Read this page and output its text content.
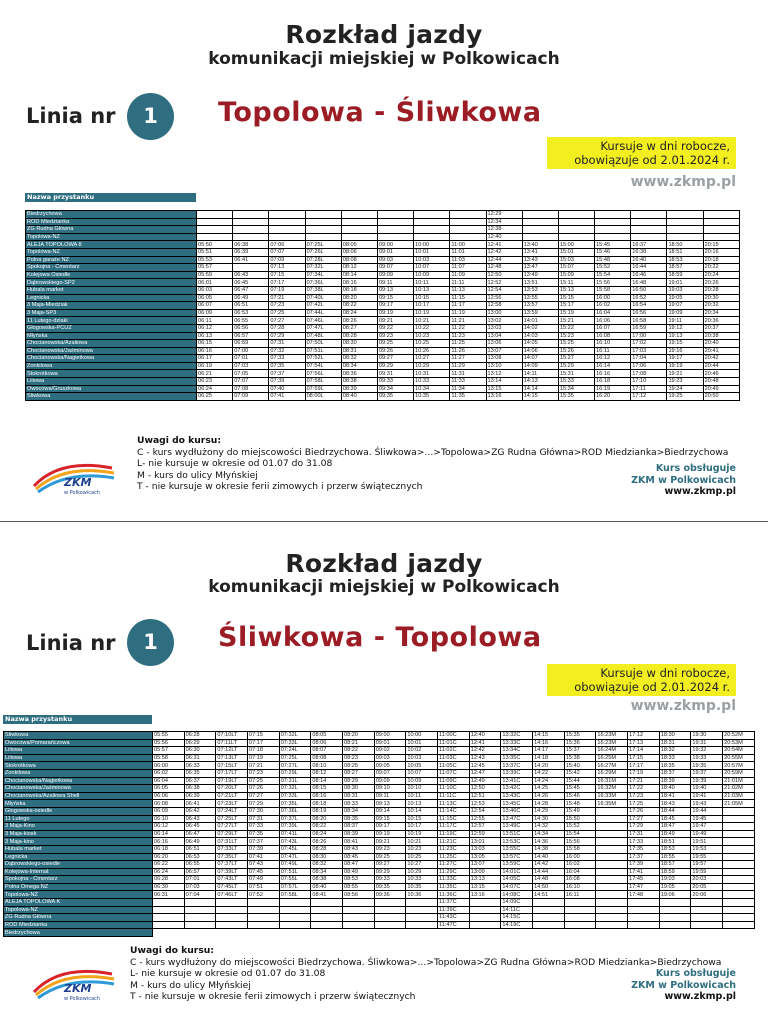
Rozkład jazdy
komunikacji miejskiej w Polkowicach
Linia nr	1	Topolowa - Śliwkowa
Kursuje w dni robocze,
obowiązuje od 2.01.2024 r.
www.zkmp.pl
Nazwa przystanku
Biedrzychowa									12:29						
ROD Miedzianka									12:34						
ZG Rudna Główna									12:38						
Topolowa-NŻ									12:40						
ALEJA TOPOLOWA 8	05:50	06:38	07:06	07:25L	08:05	09:00	10:00	11:00	12:41	13:40	15:00	15:45	16:37	18:50	20:15
Topolowa-NŻ	05:51	06:39	07:07	07:26L	08:06	09:01	10:01	11:01	12:42	13:41	15:01	15:46	16:38	18:51	20:16
Polna garaże NŻ	05:53	06:41	07:09	07:28L	08:08	09:03	10:03	11:03	12:44	13:43	15:03	15:48	16:40	18:53	20:18
Spokojna - Cmentarz	05:57		07:13	07:32L	08:12	09:07	10:07	11:07	12:48	13:47	15:07	15:52	16:44	18:57	20:22
Kolejowa Osiedle	05:59	06:43	07:15	07:34L	08:14	09:09	10:09	11:09	12:50	13:49	15:09	15:54	16:46	18:59	20:24
Dąbrowskiego-SP2	06:01	06:45	07:17	07:36L	08:16	09:11	10:11	11:11	12:52	13:51	15:11	15:56	16:48	19:01	20:26
Hubala market	06:03	06:47	07:19	07:38L	08:18	09:13	10:13	11:13	12:54	13:53	15:13	15:58	16:50	19:03	20:28
Legnicka	06:05	06:49	07:21	07:40L	08:20	09:15	10:15	11:15	12:56	13:55	15:15	16:00	16:52	19:05	20:30
3 Maja-Miedziak	06:07	06:51	07:23	07:42L	08:22	09:17	10:17	11:17	12:58	13:57	15:17	16:02	16:54	19:07	20:32
3 Maja-SP3	06:09	06:53	07:25	07:44L	08:24	09:19	10:19	11:19	13:00	13:59	15:19	16:04	16:56	19:09	20:34
11 Lutego-dziaki	06:11	06:55	07:27	07:46L	08:26	09:21	10:21	11:21	13:02	14:01	15:21	16:06	16:58	19:11	20:36
Głogowska-PCUZ	06:12	06:56	07:28	07:47L	08:27	09:22	10:22	11:22	13:03	14:02	15:22	16:07	16:59	19:12	20:37
Młyńska	06:13	06:57	07:29	07:48L	08:28	09:23	10:23	11:23	13:04	14:03	15:23	16:08	17:00	19:13	20:38
Chocianowska/Azaliowa	06:15	06:59	07:31	07:50L	08:30	09:25	10:25	11:25	13:06	14:05	15:25	16:10	17:02	19:15	20:40
Chocianowska/Jaśminowa	06:16	07:00	07:32	07:51L	08:31	09:26	10:26	11:26	13:07	14:06	15:26	16:11	17:03	19:16	20:41
Chocianowska/Nagietkowa	06:17	07:01	07:33	07:52L	08:32	09:27	10:27	11:27	13:08	14:07	15:27	16:12	17:04	19:17	20:42
Żonkilowa	06:19	07:03	07:35	07:54L	08:34	09:29	10:29	11:29	13:10	14:09	15:29	16:14	17:06	19:19	20:44
Stokrotkowa	06:21	07:05	07:37	07:56L	08:36	09:31	10:31	11:31	13:12	14:11	15:31	16:16	17:08	19:21	20:46
Liliowa	06:23	07:07	07:39	07:58L	08:38	09:33	10:33	11:33	13:14	14:13	15:33	16:18	17:10	19:23	20:48
Owocowa/Gruszkowa	06:24	07:08	07:40	07:59L	08:39	09:34	10:34	11:34	13:15	14:14	15:34	16:19	17:11	19:24	20:49
Śliwkowa	06:25	07:09	07:41	08:00L	08:40	09:35	10:35	11:35	13:16	14:15	15:35	16:20	17:12	19:25	20:50
ZKM
w Polkowicach
Uwagi do kursu:
C - kurs wydłużony do miejscowości Biedrzychowa. Śliwkowa>...>Topolowa>ZG Rudna Główna>ROD Miedzianka>Biedrzychowa
L- nie kursuje w okresie od 01.07 do 31.08
M - kurs do ulicy Młyńskiej
T - nie kursuje w okresie ferii zimowych i przerw świątecznych
Kurs obsługuje
ZKM w Polkowicach
www.zkmp.pl
Rozkład jazdy
komunikacji miejskiej w Polkowicach
Linia nr	1	Śliwkowa - Topolowa
Kursuje w dni robocze,
obowiązuje od 2.01.2024 r.
www.zkmp.pl
Nazwa przystanku
Śliwkowa	05:55	06:28	07:10LT	07:15	07:32L	08:05	08:20	09:00	10:00	11:00C	12:40	13:32C	14:15	15:35	16:23M	17:12	18:30	19:30	20:52M
Owocowa/Pomarańczowa	05:56	06:29	07:11LT	07:17	07:33L	08:06	08:21	09:01	10:01	11:01C	12:41	13:33C	14:16	15:36	16:23M	17:13	18:31	19:31	20:53M
Liliowa	05:57	06:30	07:12LT	07:18	07:24L	08:07	08:22	09:02	10:02	11:02C	12:42	13:34C	14:17	15:37	16:24M	17:14	18:32	19:32	20:54M
Liliowa	05:58	06:31	07:13LT	07:19	07:25L	08:08	08:23	09:03	10:03	11:03C	12:43	13:35C	14:18	15:38	16:25M	17:15	18:33	19:33	20:55M
Stokrotkowa	06:00	06:33	07:15LT	07:21	07:27L	08:10	08:25	09:05	10:05	11:05C	12:45	13:37C	14:20	15:40	16:27M	17:17	18:35	19:35	20:57M
Żonkilowa	06:02	06:35	07:17LT	07:23	07:29L	08:12	08:27	09:07	10:07	11:07C	12:47	13:39C	14:22	15:42	16:29M	17:19	18:37	19:37	20:59M
Chocianowska/Nagietkowa	06:04	06:37	07:19LT	07:25	07:31L	08:14	08:29	09:09	10:09	11:09C	12:49	13:41C	14:24	15:44	16:31M	17:21	18:39	19:39	21:01M
Chocianowska/Jaśminowa	06:05	06:38	07:20LT	07:26	07:32L	08:15	08:30	09:10	10:10	11:10C	12:50	13:42C	14:25	15:45	16:32M	17:22	18:40	19:40	21:02M
Chocianowska/Azaliowa Shell	06:06	06:39	07:21LT	07:27	07:33L	08:16	08:31	09:11	10:11	11:11C	12:51	13:43C	14:26	15:46	16:33M	17:23	18:41	19:41	21:03M
Młyńska	06:08	06:41	07:23LT	07:29	07:35L	08:18	08:33	09:13	10:13	11:13C	12:53	13:45C	14:28	15:48	16:35M	17:25	18:43	19:43	21:05M
Głogowska-osiedle	06:09	06:42	07:24LT	07:30	07:36L	08:19	08:34	09:14	10:14	11:14C	12:54	13:46C	14:29	15:49		17:26	18:44	19:44	
11 Lutego	06:10	06:43	07:25LT	07:31	07:37L	08:20	08:35	09:15	10:15	11:15C	12:55	13:47C	14:30	15:50		17:27	18:45	19:45	
3 Maja-Kino	06:12	06:45	07:27LT	07:33	07:39L	08:22	08:37	09:17	10:17	11:17C	12:57	13:49C	14:32	15:52		17:29	18:47	19:47	
3 Maja-kiosk	06:14	06:47	07:29LT	07:35	07:41L	08:24	08:39	09:19	10:19	11:19C	12:59	13:51C	14:34	15:54		17:31	18:49	19:49	
3 Maja-kino	06:16	06:49	07:31LT	07:37	07:43L	08:26	08:41	09:21	10:21	11:21C	13:01	13:53C	14:36	15:56		17:33	18:51	19:51	
Hubala market	06:18	06:51	07:33LT	07:39	07:45L	08:28	08:43	09:23	10:23	11:23C	13:03	13:55C	14:38	15:58		17:35	18:53	19:53	
Legnicka	06:20	06:53	07:35LT	07:41	07:47L	08:30	08:45	09:25	10:25	11:25C	13:05	13:57C	14:40	16:00		17:37	18:55	19:55	
Dąbrowskiego-osiedle	06:22	06:55	07:37LT	07:43	07:49L	08:32	08:47	09:27	10:27	11:27C	13:07	13:59C	14:42	16:02		17:39	18:57	19:57	
Kolejowa-Internat	06:24	06:57	07:39LT	07:45	07:51L	08:34	08:49	09:29	10:29	11:29C	13:09	14:01C	14:44	16:04		17:41	18:59	19:59	
Spokojna - Cmentarz	06:28	07:01	07:43LT	07:49	07:55L	08:38	08:53	09:33	10:33	11:33C	13:13	14:05C	14:48	16:08		17:45	19:03	20:03	
Polna Omega NŻ	06:30	07:03	07:45LT	07:51	07:57L	08:40	08:55	09:35	10:35	11:35C	13:15	14:07C	14:50	16:10		17:47	19:05	20:05	
Topolowa-NŻ	06:31	07:04	07:46LT	07:52	07:58L	08:41	08:56	09:36	10:36	11:36C	13:16	14:08C	14:51	16:11		17:48	19:06	20:06	
ALEJA TOPOLOWA K										11:37C		14:09C							
Topolowa-NŻ										11:39C		14:11C							
ZG Rudna Główna										11:43C		14:15C							
ROD Miedzianka										11:47C		14:19C							
Biedrzychowa																			
ZKM
w Polkowicach
Uwagi do kursu:
C - kurs wydłużony do miejscowości Biedrzychowa. Śliwkowa>...>Topolowa>ZG Rudna Główna>ROD Miedzianka>Biedrzychowa
L- nie kursuje w okresie od 01.07 do 31.08
M - kurs do ulicy Młyńskiej
T - nie kursuje w okresie ferii zimowych i przerw świątecznych
Kurs obsługuje
ZKM w Polkowicach
www.zkmp.pl
